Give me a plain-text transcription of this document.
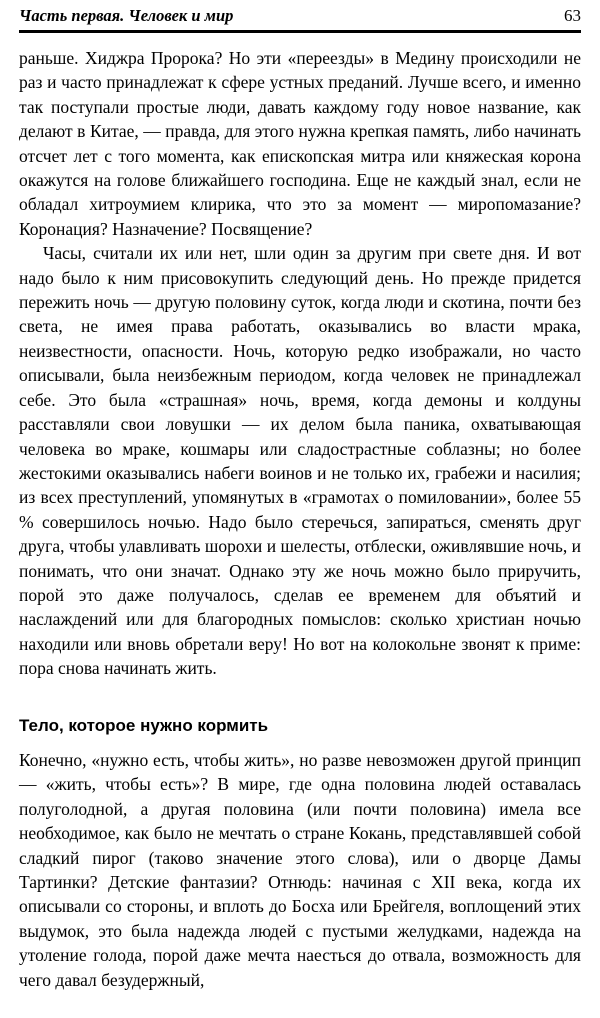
Часть первая. Человек и мир	63

раньше. Хиджра Пророка? Но эти «переезды» в Медину происходили не раз и часто принадлежат к сфере устных преданий. Лучше всего, и именно так поступали простые люди, давать каждому году новое название, как делают в Китае, — правда, для этого нужна крепкая память, либо начинать отсчет лет с того момента, как епископская митра или княжеская корона окажутся на голове ближайшего господина. Еще не каждый знал, если не обладал хитроумием клирика, что это за момент — миропомазание? Коронация? Назначение? Посвящение?

Часы, считали их или нет, шли один за другим при свете дня. И вот надо было к ним присовокупить следующий день. Но прежде придется пережить ночь — другую половину суток, когда люди и скотина, почти без света, не имея права работать, оказывались во власти мрака, неизвестности, опасности. Ночь, которую редко изображали, но часто описывали, была неизбежным периодом, когда человек не принадлежал себе. Это была «страшная» ночь, время, когда демоны и колдуны расставляли свои ловушки — их делом была паника, охватывающая человека во мраке, кошмары или сладострастные соблазны; но более жестокими оказывались набеги воинов и не только их, грабежи и насилия; из всех преступлений, упомянутых в «грамотах о помиловании», более 55 % совершилось ночью. Надо было стеречься, запираться, сменять друг друга, чтобы улавливать шорохи и шелесты, отблески, оживлявшие ночь, и понимать, что они значат. Однако эту же ночь можно было приручить, порой это даже получалось, сделав ее временем для объятий и наслаждений или для благородных помыслов: сколько христиан ночью находили или вновь обретали веру! Но вот на колокольне звонят к приме: пора снова начинать жить.

Тело, которое нужно кормить

Конечно, «нужно есть, чтобы жить», но разве невозможен другой принцип — «жить, чтобы есть»? В мире, где одна половина людей оставалась полуголодной, а другая половина (или почти половина) имела все необходимое, как было не мечтать о стране Кокань, представлявшей собой сладкий пирог (таково значение этого слова), или о дворце Дамы Тартинки? Детские фантазии? Отнюдь: начиная с XII века, когда их описывали со стороны, и вплоть до Босха или Брейгеля, воплощений этих выдумок, это была надежда людей с пустыми желудками, надежда на утоление голода, порой даже мечта наесться до отвала, возможность для чего давал безудержный,
